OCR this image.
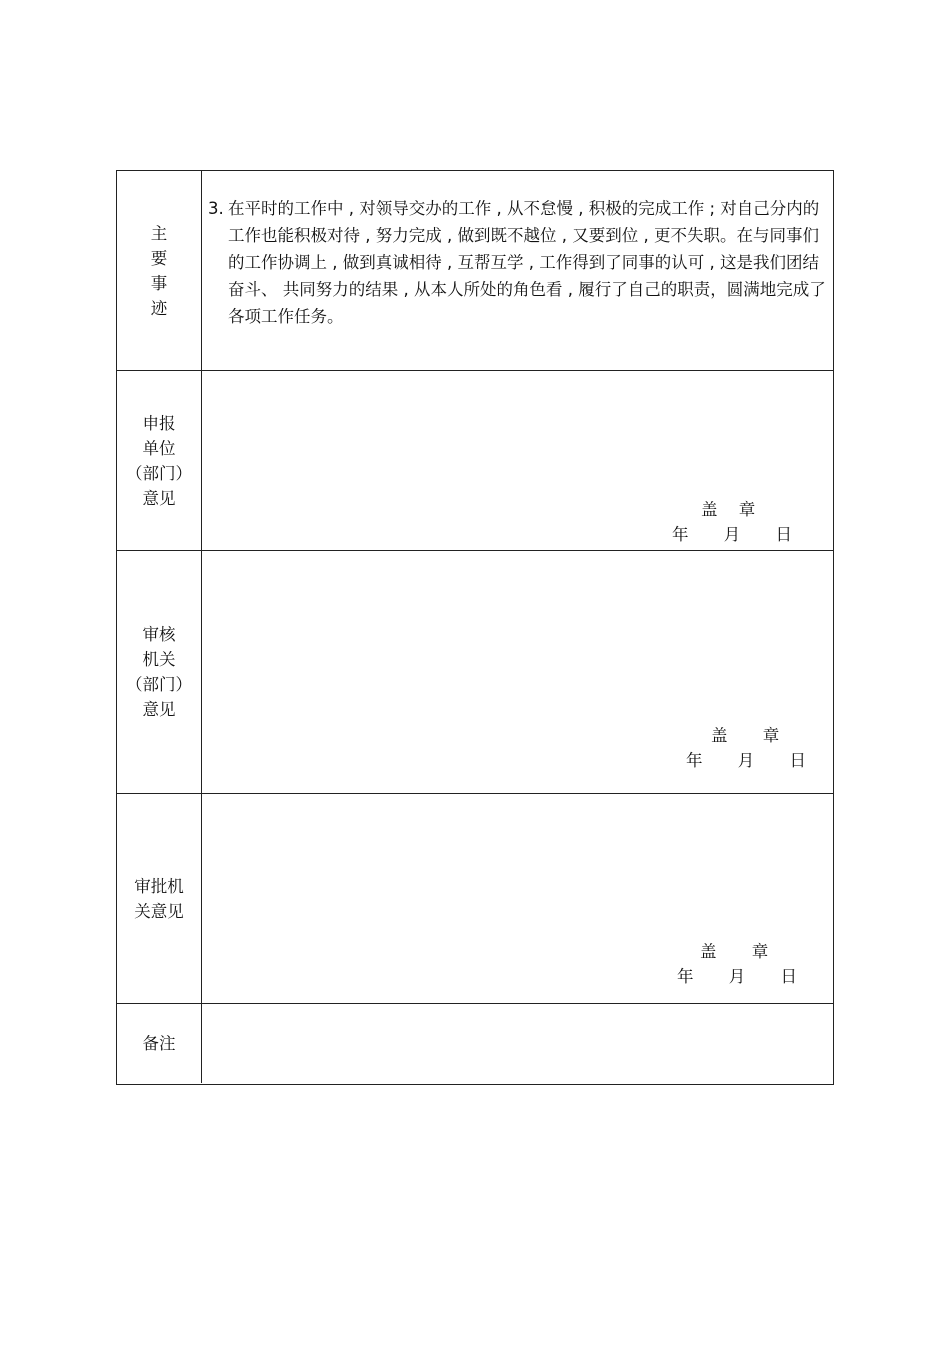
主
要
事
迹
3. 在平时的工作中 , 对领导交办的工作 , 从不怠慢 , 积极的完成工作 ; 对自己分内的工作也能积极对待 , 努力完成 , 做到既不越位 , 又要到位 , 更不失职。在与同事们的工作协调上 , 做到真诚相待 , 互帮互学 , 工作得到了同事的认可 , 这是我们团结奋斗、 共同努力的结果 , 从本人所处的角色看 , 履行了自己的职责，圆满地完成了各项工作任务。
申报
单位
（部门）
意见
盖 章
年 月 日
审核
机关
（部门）
意见
盖 章
年 月 日
审批机
关意见
盖 章
年 月 日
备注
